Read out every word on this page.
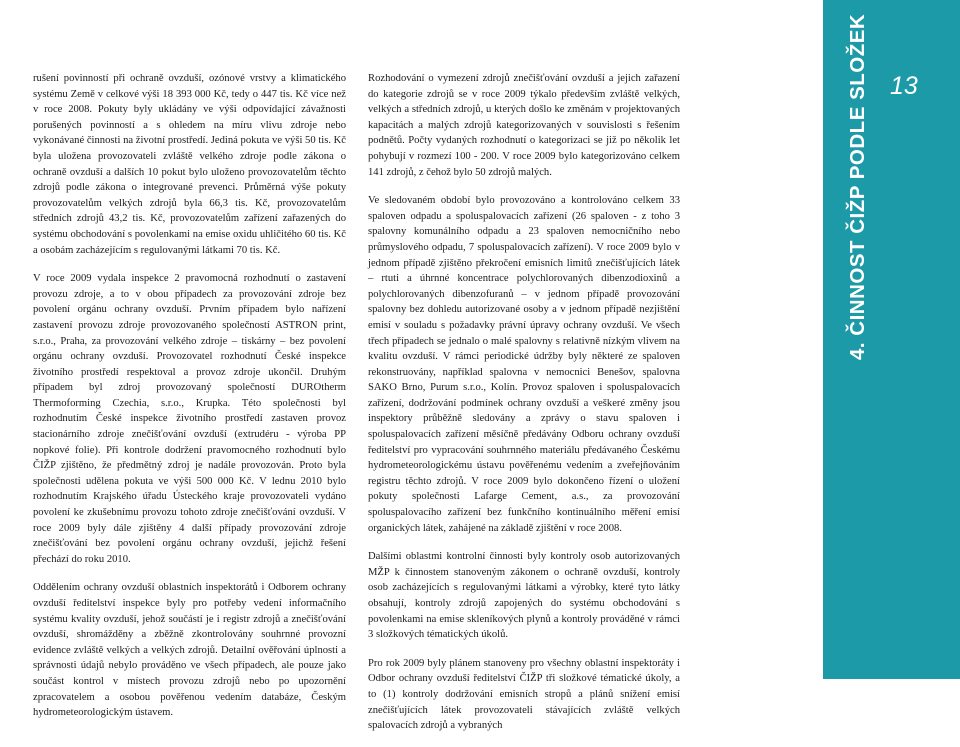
rušení povinností při ochraně ovzduší, ozónové vrstvy a klimatického systému Země v celkové výši 18 393 000 Kč, tedy o 447 tis. Kč více než v roce 2008. Pokuty byly ukládány ve výši odpovídající závažnosti porušených povinností a s ohledem na míru vlivu zdroje nebo vykonávané činnosti na životní prostředí. Jediná pokuta ve výši 50 tis. Kč byla uložena provozovateli zvláště velkého zdroje podle zákona o ochraně ovzduší a dalších 10 pokut bylo uloženo provozovatelům těchto zdrojů podle zákona o integrované prevenci. Průměrná výše pokuty provozovatelům velkých zdrojů byla 66,3 tis. Kč, provozovatelům středních zdrojů 43,2 tis. Kč, provozovatelům zařízení zařazených do systému obchodování s povolenkami na emise oxidu uhličitého 60 tis. Kč a osobám zacházejícím s regulovanými látkami 70 tis. Kč.

V roce 2009 vydala inspekce 2 pravomocná rozhodnutí o zastavení provozu zdroje, a to v obou případech za provozování zdroje bez povolení orgánu ochrany ovzduší. Prvním případem bylo nařízení zastavení provozu zdroje provozovaného společností ASTRON print, s.r.o., Praha, za provozování velkého zdroje – tiskárny – bez povolení orgánu ochrany ovzduší. Provozovatel rozhodnutí České inspekce životního prostředí respektoval a provoz zdroje ukončil. Druhým případem byl zdroj provozovaný společností DUROtherm Thermoforming Czechia, s.r.o., Krupka. Této společnosti byl rozhodnutím České inspekce životního prostředí zastaven provoz stacionárního zdroje znečišťování ovzduší (extrudéru - výroba PP nopkové folie). Při kontrole dodržení pravomocného rozhodnutí bylo ČIŽP zjištěno, že předmětný zdroj je nadále provozován. Proto byla společnosti udělena pokuta ve výši 500 000 Kč. V lednu 2010 bylo rozhodnutím Krajského úřadu Ústeckého kraje provozovateli vydáno povolení ke zkušebnímu provozu tohoto zdroje znečišťování ovzduší. V roce 2009 byly dále zjištěny 4 další případy provozování zdroje znečišťování bez povolení orgánu ochrany ovzduší, jejichž řešení přechází do roku 2010.

Oddělením ochrany ovzduší oblastních inspektorátů i Odborem ochrany ovzduší ředitelství inspekce byly pro potřeby vedení informačního systému kvality ovzduší, jehož součástí je i registr zdrojů a znečišťování ovzduší, shromážděny a zběžně zkontrolovány souhrnné provozní evidence zvláště velkých a velkých zdrojů. Detailní ověřování úplnosti a správnosti údajů nebylo prováděno ve všech případech, ale pouze jako součást kontrol v místech provozu zdrojů nebo po upozornění zpracovatelem a osobou pověřenou vedením databáze, Českým hydrometeorologickým ústavem.

Rozhodování o vymezení zdrojů znečišťování ovzduší a jejich zařazení do kategorie zdrojů se v roce 2009 týkalo především zvláště velkých, velkých a středních zdrojů, u kterých došlo ke změnám v projektovaných kapacitách a malých zdrojů kategorizovaných v souvislosti s řešením podnětů. Počty vydaných rozhodnutí o kategorizaci se již po několik let pohybují v rozmezí 100 - 200. V roce 2009 bylo kategorizováno celkem 141 zdrojů, z čehož bylo 50 zdrojů malých.

Ve sledovaném období bylo provozováno a kontrolováno celkem 33 spaloven odpadu a spoluspalovacích zařízení (26 spaloven - z toho 3 spalovny komunálního odpadu a 23 spaloven nemocničního nebo průmyslového odpadu, 7 spoluspalovacích zařízení). V roce 2009 bylo v jednom případě zjištěno překročení emisních limitů znečišťujících látek – rtuti a úhrnné koncentrace polychlorovaných dibenzodioxinů a polychlorovaných dibenzofuranů – v jednom případě provozování spalovny bez dohledu autorizované osoby a v jednom případě nezjištění emisí v souladu s požadavky právní úpravy ochrany ovzduší. Ve všech třech případech se jednalo o malé spalovny s relativně nízkým vlivem na kvalitu ovzduší. V rámci periodické údržby byly některé ze spaloven rekonstruovány, například spalovna v nemocnici Benešov, spalovna SAKO Brno, Purum s.r.o., Kolín. Provoz spaloven i spoluspalovacích zařízení, dodržování podmínek ochrany ovzduší a veškeré změny jsou inspektory průběžně sledovány a zprávy o stavu spaloven i spoluspalovacích zařízení měsíčně předávány Odboru ochrany ovzduší ředitelství pro vypracování souhrnného materiálu předávaného Českému hydrometeorologickému ústavu pověřenému vedením a zveřejňováním registru těchto zdrojů. V roce 2009 bylo dokončeno řízení o uložení pokuty společnosti Lafarge Cement, a.s., za provozování spoluspalovacího zařízení bez funkčního kontinuálního měření emisí organických látek, zahájené na základě zjištění v roce 2008.

Dalšími oblastmi kontrolní činnosti byly kontroly osob autorizovaných MŽP k činnostem stanoveným zákonem o ochraně ovzduší, kontroly osob zacházejících s regulovanými látkami a výrobky, které tyto látky obsahují, kontroly zdrojů zapojených do systému obchodování s povolenkami na emise skleníkových plynů a kontroly prováděné v rámci 3 složkových tématických úkolů.

Pro rok 2009 byly plánem stanoveny pro všechny oblastní inspektoráty i Odbor ochrany ovzduší ředitelství ČIŽP tři složkové tématické úkoly, a to (1) kontroly dodržování emisních stropů a plánů snížení emisí znečišťujících látek provozovateli stávajících zvláště velkých spalovacích zdrojů a vybraných

4. ČINNOST ČIŽP PODLE SLOŽEK 13
